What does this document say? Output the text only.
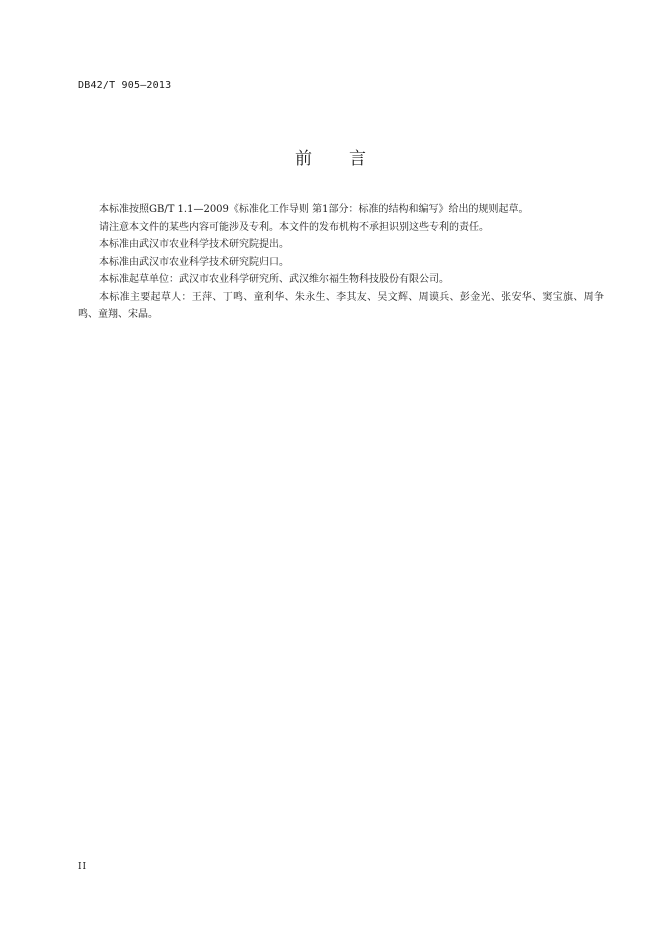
DB42/T 905—2013
前　　言

本标准按照GB/T 1.1—2009《标准化工作导则 第1部分：标准的结构和编写》给出的规则起草。

请注意本文件的某些内容可能涉及专利。本文件的发布机构不承担识别这些专利的责任。

本标准由武汉市农业科学技术研究院提出。

本标准由武汉市农业科学技术研究院归口。

本标准起草单位：武汉市农业科学研究所、武汉维尔福生物科技股份有限公司。

本标准主要起草人：王萍、丁鸣、童利华、朱永生、李其友、吴文辉、周谟兵、彭金光、张安华、窦宝旗、周争鸣、童翔、宋晶。

II
